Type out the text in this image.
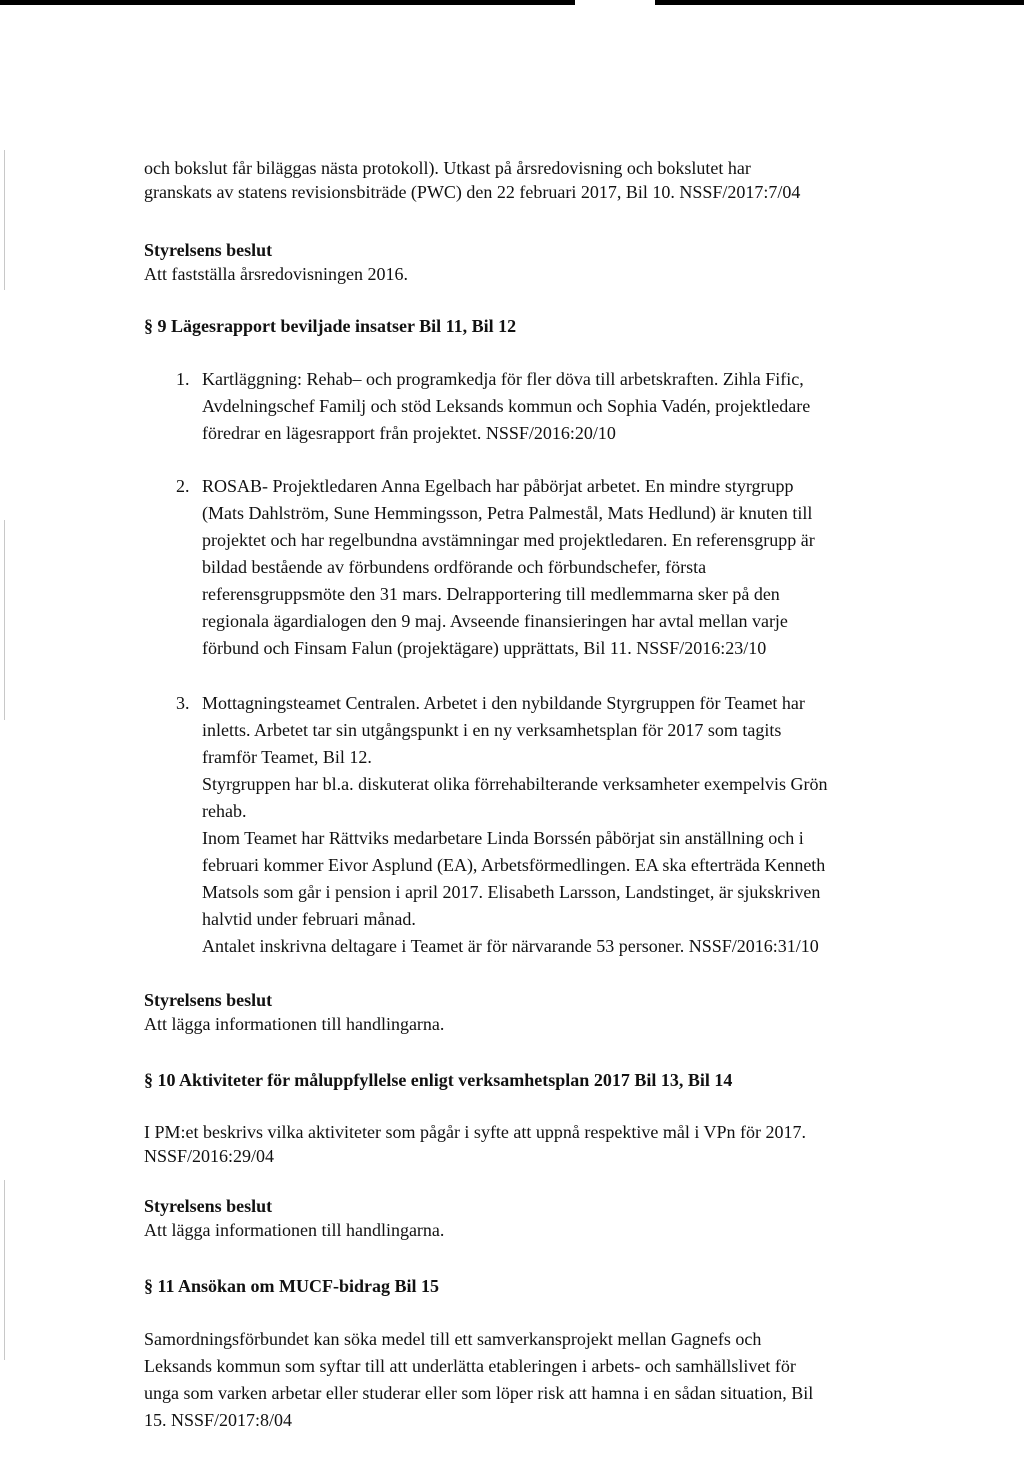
och bokslut får biläggas nästa protokoll). Utkast på årsredovisning och bokslutet har

granskats av statens revisionsbiträde (PWC) den 22 februari 2017, Bil 10. NSSF/2017:7/04

Styrelsens beslut

Att fastställa årsredovisningen 2016.

§ 9 Lägesrapport beviljade insatser Bil 11, Bil 12

1. Kartläggning: Rehab– och programkedja för fler döva till arbetskraften. Zihla Fific,

Avdelningschef Familj och stöd Leksands kommun och Sophia Vadén, projektledare

föredrar en lägesrapport från projektet. NSSF/2016:20/10

2. ROSAB- Projektledaren Anna Egelbach har påbörjat arbetet. En mindre styrgrupp

(Mats Dahlström, Sune Hemmingsson, Petra Palmestål, Mats Hedlund) är knuten till

projektet och har regelbundna avstämningar med projektledaren. En referensgrupp är

bildad bestående av förbundens ordförande och förbundschefer, första

referensgruppsmöte den 31 mars. Delrapportering till medlemmarna sker på den

regionala ägardialogen den 9 maj. Avseende finansieringen har avtal mellan varje

förbund och Finsam Falun (projektägare) upprättats, Bil 11. NSSF/2016:23/10

3. Mottagningsteamet Centralen. Arbetet i den nybildande Styrgruppen för Teamet har

inletts. Arbetet tar sin utgångspunkt i en ny verksamhetsplan för 2017 som tagits

framför Teamet, Bil 12.

Styrgruppen har bl.a. diskuterat olika förrehabilterande verksamheter exempelvis Grön

rehab.

Inom Teamet har Rättviks medarbetare Linda Borssén påbörjat sin anställning och i

februari kommer Eivor Asplund (EA), Arbetsförmedlingen. EA ska efterträda Kenneth

Matsols som går i pension i april 2017. Elisabeth Larsson, Landstinget, är sjukskriven

halvtid under februari månad.

Antalet inskrivna deltagare i Teamet är för närvarande 53 personer. NSSF/2016:31/10

Styrelsens beslut

Att lägga informationen till handlingarna.

§ 10 Aktiviteter för måluppfyllelse enligt verksamhetsplan 2017 Bil 13, Bil 14

I PM:et beskrivs vilka aktiviteter som pågår i syfte att uppnå respektive mål i VPn för 2017.

NSSF/2016:29/04

Styrelsens beslut

Att lägga informationen till handlingarna.

§ 11 Ansökan om MUCF-bidrag Bil 15

Samordningsförbundet kan söka medel till ett samverkansprojekt mellan Gagnefs och

Leksands kommun som syftar till att underlätta etableringen i arbets- och samhällslivet för

unga som varken arbetar eller studerar eller som löper risk att hamna i en sådan situation, Bil

15. NSSF/2017:8/04
